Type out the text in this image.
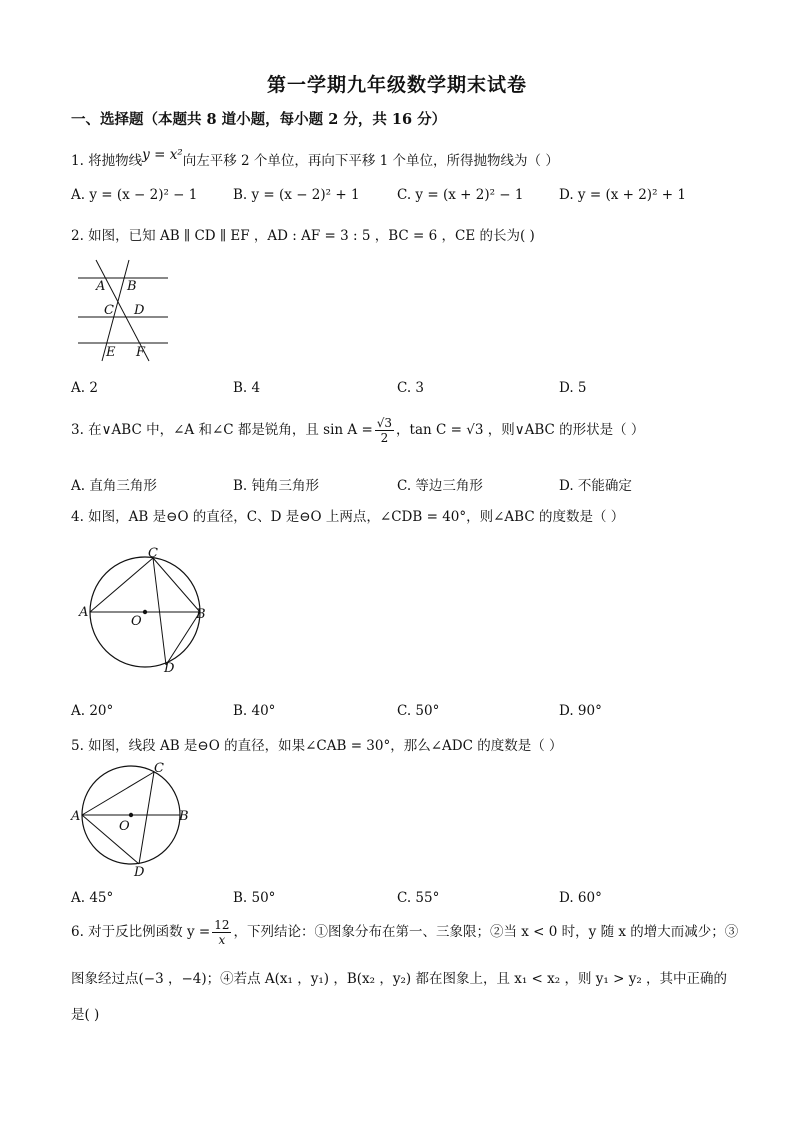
第一学期九年级数学期末试卷
一、选择题（本题共 8 道小题，每小题 2 分，共 16 分）
1. 将抛物线y = x²向左平移 2 个单位，再向下平移 1 个单位，所得抛物线为（ ）
A. y = (x − 2)² − 1	B. y = (x − 2)² + 1	C. y = (x + 2)² − 1	D. y = (x + 2)² + 1
2. 如图，已知 AB ∥ CD ∥ EF ，AD : AF = 3 : 5 ，BC = 6 ，CE 的长为( )
A B
C D
E F
A. 2	B. 4	C. 3	D. 5
3. 在∨ABC 中，∠A 和∠C 都是锐角，且 $\sin A = \frac{√3}{2}$ ，tan C = √3 ，则∨ABC 的形状是（ ）
A. 直角三角形	B. 钝角三角形	C. 等边三角形	D. 不能确定
4. 如图，AB 是⊖O 的直径，C、D 是⊖O 上两点，∠CDB = 40°，则∠ABC 的度数是（ ）
A	B
C
D
O
A. 20°	B. 40°	C. 50°	D. 90°
5. 如图，线段 AB 是⊖O 的直径，如果∠CAB = 30°，那么∠ADC 的度数是（ ）
A	B
C
D
O
A. 45°	B. 50°	C. 55°	D. 60°
6. 对于反比例函数 $y = \frac{12}{x}$ ，下列结论：①图象分布在第一、三象限；②当 x < 0 时，y 随 x 的增大而减少；③
图象经过点(−3 ，−4)；④若点 A(x₁ ，y₁) ，B(x₂ ，y₂) 都在图象上，且 x₁ < x₂ ，则 y₁ > y₂ ，其中正确的
是( )
